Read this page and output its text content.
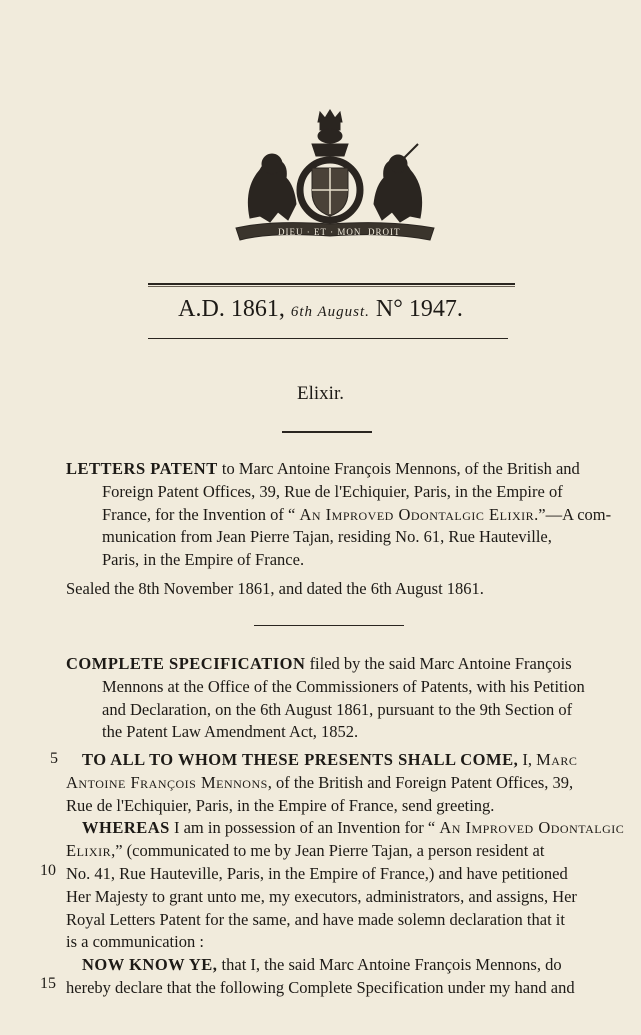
DIEU · ET · MON DROIT
A.D. 1861, 6th August. N° 1947.
Elixir.
LETTERS PATENT to Marc Antoine François Mennons, of the British and
Foreign Patent Offices, 39, Rue de l'Echiquier, Paris, in the Empire of
France, for the Invention of “ An Improved Odontalgic Elixir.”—A com-
munication from Jean Pierre Tajan, residing No. 61, Rue Hauteville,
Paris, in the Empire of France.
Sealed the 8th November 1861, and dated the 6th August 1861.
COMPLETE SPECIFICATION filed by the said Marc Antoine François
Mennons at the Office of the Commissioners of Patents, with his Petition
and Declaration, on the 6th August 1861, pursuant to the 9th Section of
the Patent Law Amendment Act, 1852.
TO ALL TO WHOM THESE PRESENTS SHALL COME, I, Marc
Antoine François Mennons, of the British and Foreign Patent Offices, 39,
Rue de l'Echiquier, Paris, in the Empire of France, send greeting.
WHEREAS I am in possession of an Invention for “ An Improved Odontalgic
Elixir,” (communicated to me by Jean Pierre Tajan, a person resident at
No. 41, Rue Hauteville, Paris, in the Empire of France,) and have petitioned
Her Majesty to grant unto me, my executors, administrators, and assigns, Her
Royal Letters Patent for the same, and have made solemn declaration that it
is a communication :
NOW KNOW YE, that I, the said Marc Antoine François Mennons, do
hereby declare that the following Complete Specification under my hand and
5
10
15
